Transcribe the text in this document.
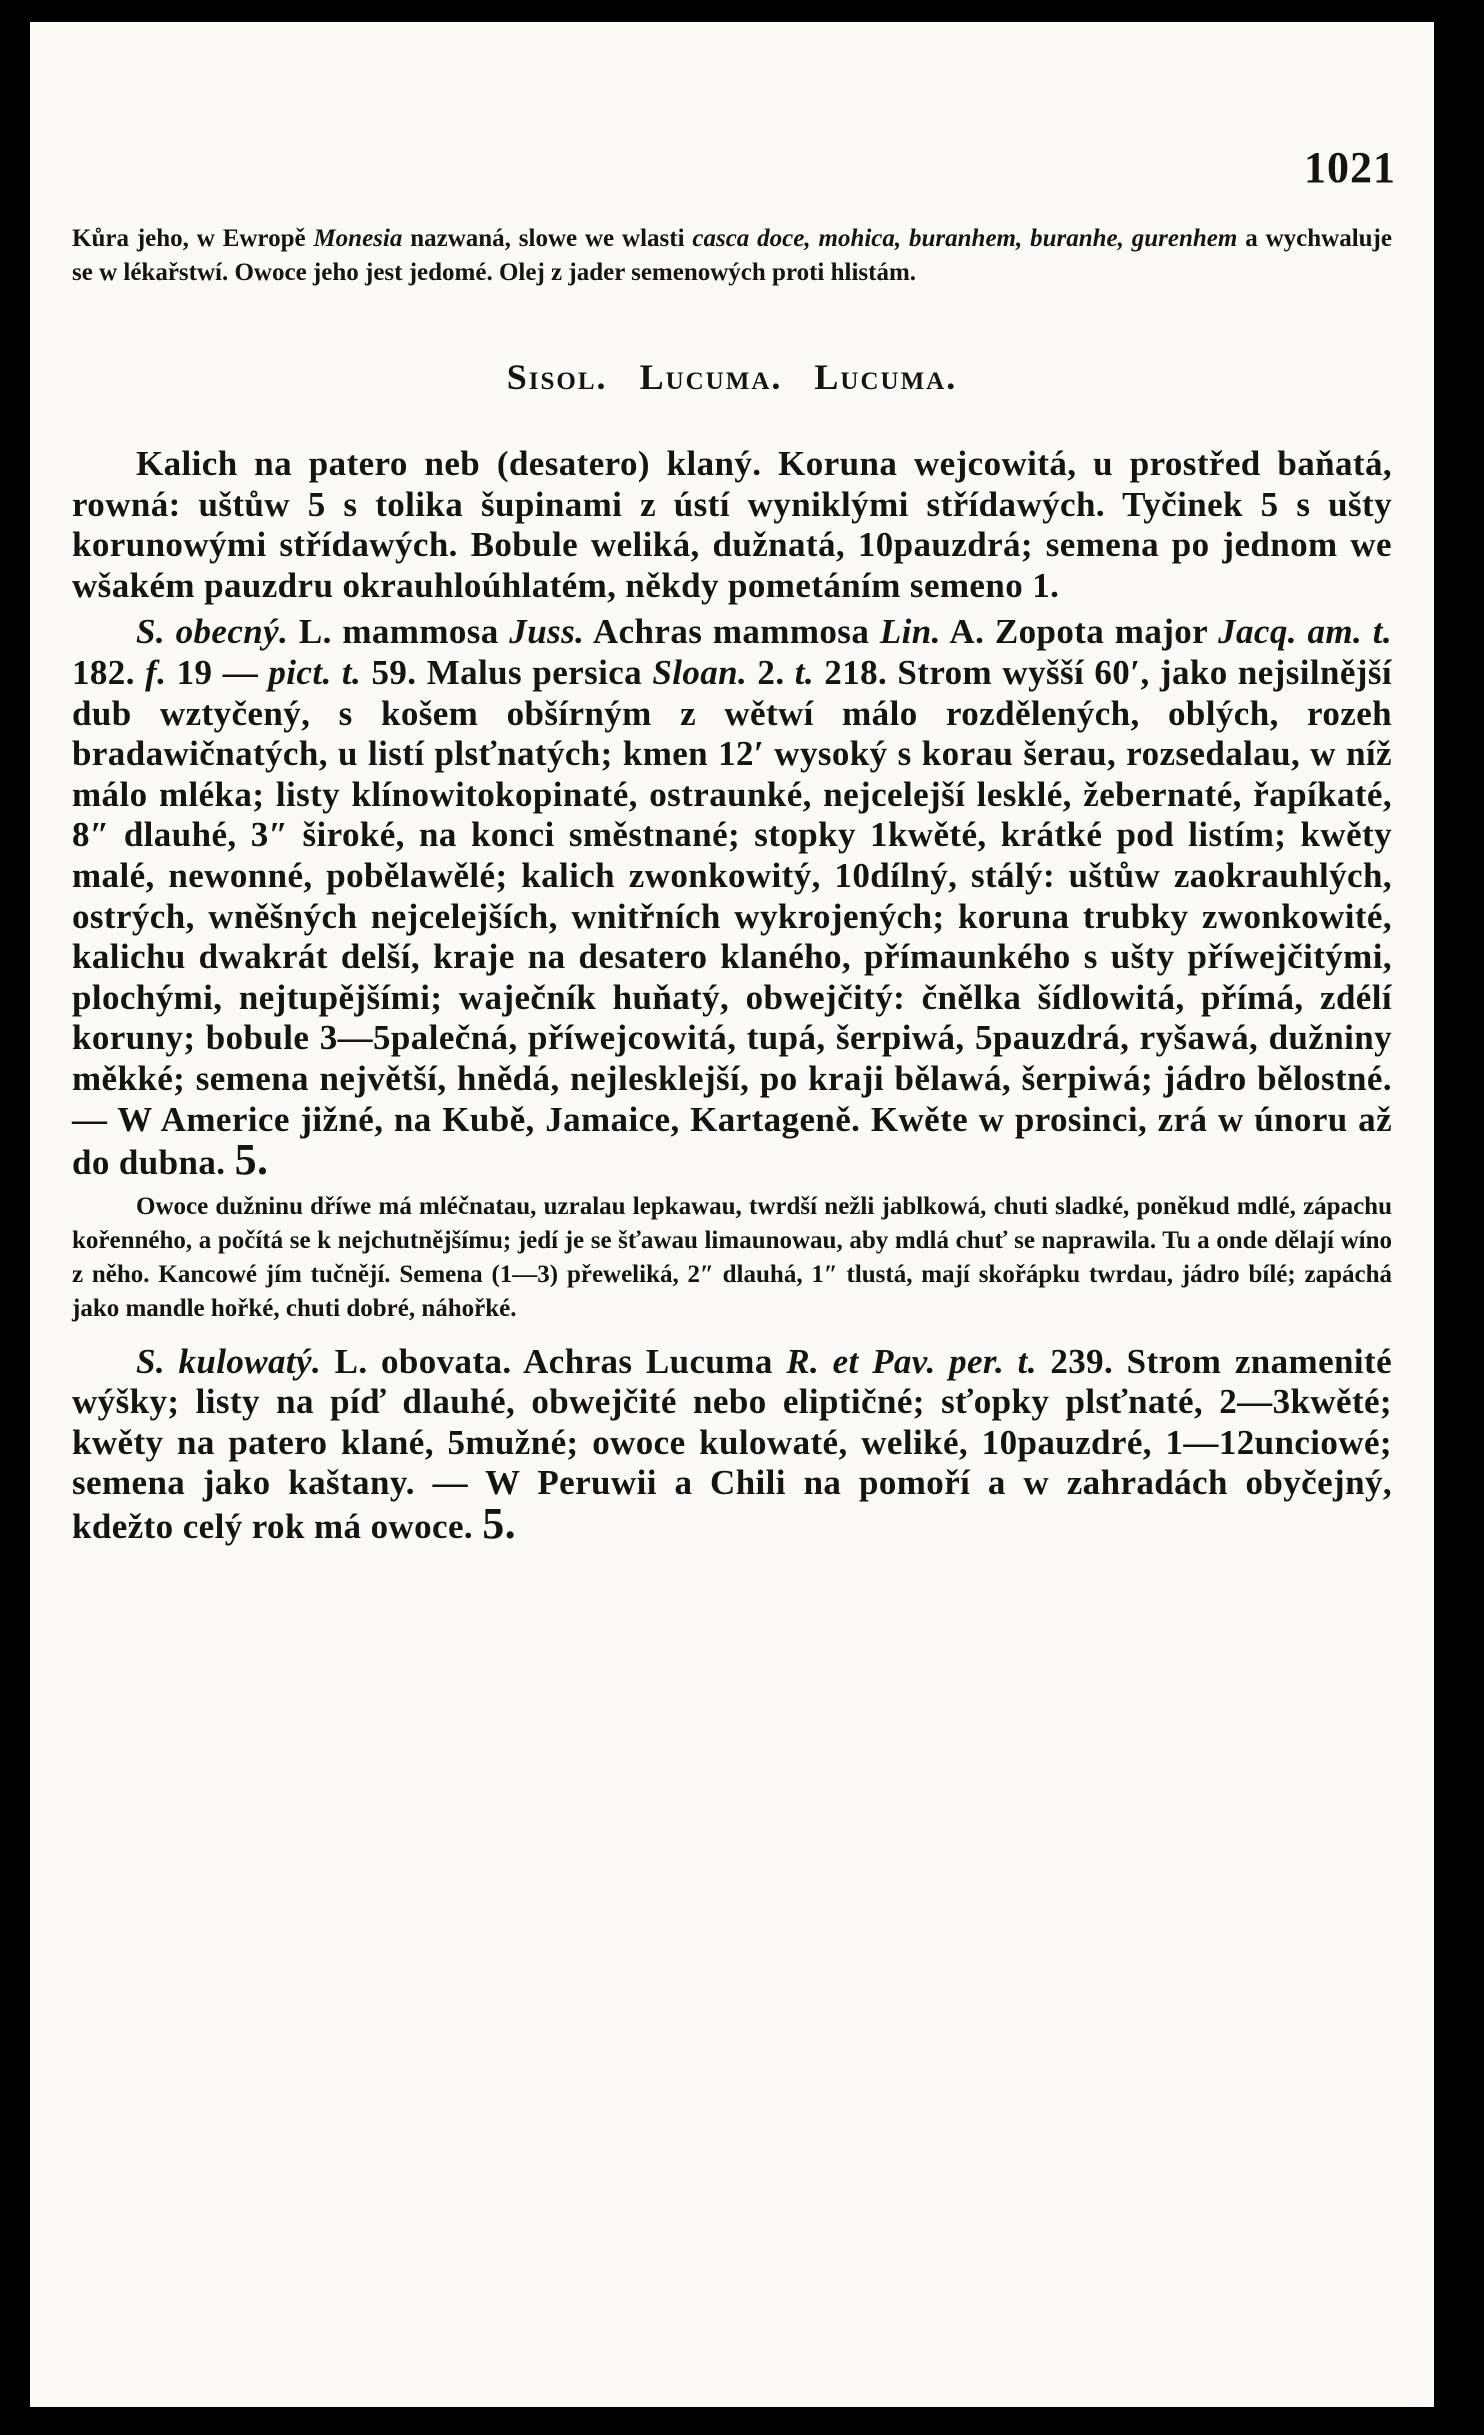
1021

Kůra jeho, w Ewropě Monesia nazwaná, slowe we wlasti casca doce, mohica, buranhem, buranhe, gurenhem a wychwaluje se w lékařstwí. Owoce jeho jest jedomé. Olej z jader semenowých proti hlistám.

Sisol. Lucuma. Lucuma.

Kalich na patero neb (desatero) klaný. Koruna wejcowitá, u prostřed baňatá, rowná: uštůw 5 s tolika šupinami z ústí wyniklými střídawých. Tyčinek 5 s ušty korunowými střídawých. Bobule weliká, dužnatá, 10pauzdrá; semena po jednom we wšakém pauzdru okrauhloúhlatém, někdy pometáním semeno 1.

S. obecný. L. mammosa Juss. Achras mammosa Lin. A. Zopota major Jacq. am. t. 182. f. 19 — pict. t. 59. Malus persica Sloan. 2. t. 218. Strom wyšší 60′, jako nejsilnější dub wztyčený, s košem obšírným z wětwí málo rozdělených, oblých, rozeh bradawičnatých, u listí plsťnatých; kmen 12′ wysoký s korau šerau, rozsedalau, w níž málo mléka; listy klínowitokopinaté, ostraunké, nejcelejší lesklé, žebernaté, řapíkaté, 8″ dlauhé, 3″ široké, na konci směstnané; stopky 1kwěté, krátké pod listím; kwěty malé, newonné, pobělawělé; kalich zwonkowitý, 10dílný, stálý: uštůw zaokrauhlých, ostrých, wněšných nejcelejších, wnitřních wykrojených; koruna trubky zwonkowité, kalichu dwakrát delší, kraje na desatero klaného, přímaunkého s ušty příwejčitými, plochými, nejtupějšími; waječník huňatý, obwejčitý: čnělka šídlowitá, přímá, zdélí koruny; bobule 3—5palečná, příwejcowitá, tupá, šerpiwá, 5pauzdrá, ryšawá, dužniny měkké; semena největší, hnědá, nejlesklejší, po kraji bělawá, šerpiwá; jádro bělostné. — W Americe jižné, na Kubě, Jamaice, Kartageně. Kwěte w prosinci, zrá w únoru až do dubna. 5.

Owoce dužninu dříwe má mléčnatau, uzralau lepkawau, twrdší nežli jablkowá, chuti sladké, poněkud mdlé, zápachu kořenného, a počítá se k nejchutnějšímu; jedí je se šťawau limaunowau, aby mdlá chuť se naprawila. Tu a onde dělají wíno z něho. Kancowé jím tučnějí. Semena (1—3) přeweliká, 2″ dlauhá, 1″ tlustá, mají skořápku twrdau, jádro bílé; zapáchá jako mandle hořké, chuti dobré, náhořké.

S. kulowatý. L. obovata. Achras Lucuma R. et Pav. per. t. 239. Strom znamenité wýšky; listy na píď dlauhé, obwejčité nebo eliptičné; sťopky plsťnaté, 2—3kwěté; kwěty na patero klané, 5mužné; owoce kulowaté, weliké, 10pauzdré, 1—12unciowé; semena jako kaštany. — W Peruwii a Chili na pomoří a w zahradách obyčejný, kdežto celý rok má owoce. 5.
